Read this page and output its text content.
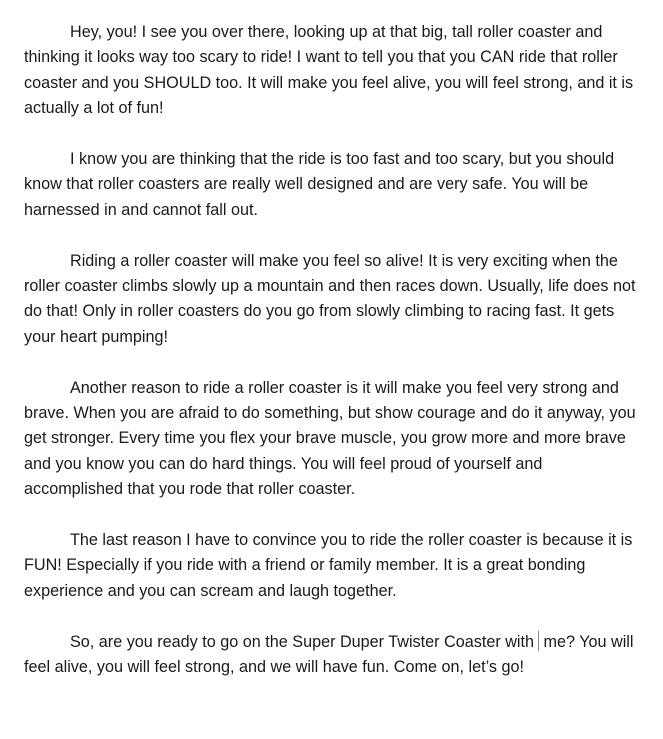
Hey, you! I see you over there, looking up at that big, tall roller coaster and thinking it looks way too scary to ride! I want to tell you that you CAN ride that roller coaster and you SHOULD too. It will make you feel alive, you will feel strong, and it is actually a lot of fun!

I know you are thinking that the ride is too fast and too scary, but you should know that roller coasters are really well designed and are very safe. You will be harnessed in and cannot fall out.

Riding a roller coaster will make you feel so alive! It is very exciting when the roller coaster climbs slowly up a mountain and then races down. Usually, life does not do that! Only in roller coasters do you go from slowly climbing to racing fast. It gets your heart pumping!

Another reason to ride a roller coaster is it will make you feel very strong and brave. When you are afraid to do something, but show courage and do it anyway, you get stronger. Every time you flex your brave muscle, you grow more and more brave and you know you can do hard things. You will feel proud of yourself and accomplished that you rode that roller coaster.

The last reason I have to convince you to ride the roller coaster is because it is FUN! Especially if you ride with a friend or family member. It is a great bonding experience and you can scream and laugh together.

So, are you ready to go on the Super Duper Twister Coaster with me? You will feel alive, you will feel strong, and we will have fun. Come on, let’s go!
